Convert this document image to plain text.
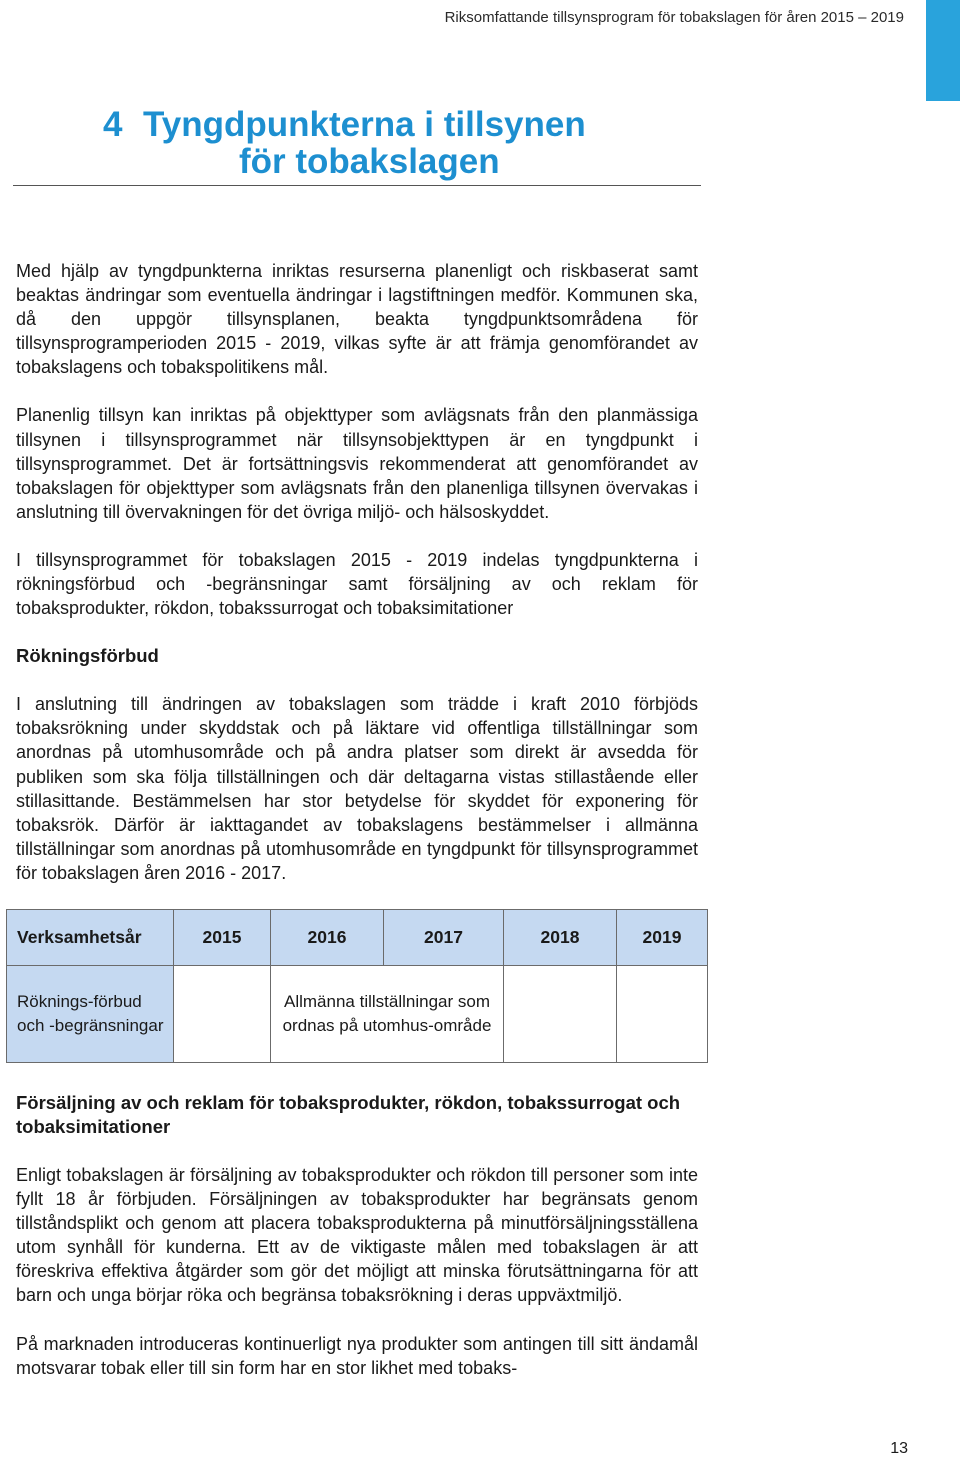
Riksomfattande tillsynsprogram för tobakslagen för åren 2015 – 2019
4 Tyngdpunkterna i tillsynen
för tobakslagen

Med hjälp av tyngdpunkterna inriktas resurserna planenligt och riskbaserat samt beaktas ändringar som eventuella ändringar i lagstiftningen medför. Kommunen ska, då den uppgör tillsynsplanen, beakta tyngdpunktsområdena för tillsynsprogramperioden 2015 - 2019, vilkas syfte är att främja genomförandet av tobakslagens och tobakspolitikens mål.

Planenlig tillsyn kan inriktas på objekttyper som avlägsnats från den planmässiga tillsynen i tillsynsprogrammet när tillsynsobjekttypen är en tyngdpunkt i tillsynsprogrammet. Det är fortsättningsvis rekommenderat att genomförandet av tobakslagen för objekttyper som avlägsnats från den planenliga tillsynen övervakas i anslutning till övervakningen för det övriga miljö- och hälsoskyddet.

I tillsynsprogrammet för tobakslagen 2015 - 2019 indelas tyngdpunkterna i rökningsförbud och -begränsningar samt försäljning av och reklam för tobaksprodukter, rökdon, tobakssurrogat och tobaksimitationer

Rökningsförbud

I anslutning till ändringen av tobakslagen som trädde i kraft 2010 förbjöds tobaksrökning under skyddstak och på läktare vid offentliga tillställningar som anordnas på utomhusområde och på andra platser som direkt är avsedda för publiken som ska följa tillställningen och där deltagarna vistas stillastående eller stillasittande. Bestämmelsen har stor betydelse för skyddet för exponering för tobaksrök. Därför är iakttagandet av tobakslagens bestämmelser i allmänna tillställningar som anordnas på utomhusområde en tyngdpunkt för tillsynsprogrammet för tobakslagen åren 2016 - 2017.

Verksamhetsår	2015	2016	2017	2018	2019
Röknings-förbud och -begränsningar		Allmänna tillställningar som ordnas på utomhus-område			
Försäljning av och reklam för tobaksprodukter, rökdon, tobakssurrogat och tobaksimitationer

Enligt tobakslagen är försäljning av tobaksprodukter och rökdon till personer som inte fyllt 18 år förbjuden. Försäljningen av tobaksprodukter har begränsats genom tillståndsplikt och genom att placera tobaksprodukterna på minutförsäljningsställena utom synhåll för kunderna. Ett av de viktigaste målen med tobakslagen är att föreskriva effektiva åtgärder som gör det möjligt att minska förutsättningarna för att barn och unga börjar röka och begränsa tobaksrökning i deras uppväxtmiljö.

På marknaden introduceras kontinuerligt nya produkter som antingen till sitt ändamål motsvarar tobak eller till sin form har en stor likhet med tobaks-

13
